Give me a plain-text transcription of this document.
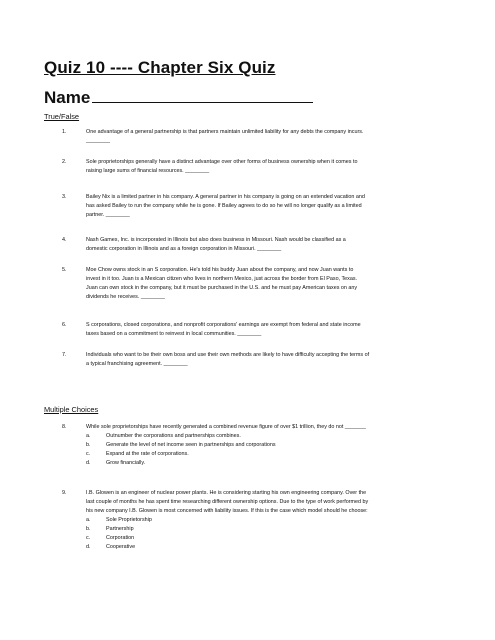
Quiz 10 ---- Chapter Six Quiz
Name
True/False
1.	One advantage of a general partnership is that partners maintain unlimited liability for any debts the company incurs.
________
2.	Sole proprietorships generally have a distinct advantage over other forms of business ownership when it comes to
raising large sums of financial resources. ________
3.	Bailey Nix is a limited partner in his company. A general partner in his company is going on an extended vacation and
has asked Bailey to run the company while he is gone. If Bailey agrees to do so he will no longer qualify as a limited
partner. ________
4.	Nash Games, Inc. is incorporated in Illinois but also does business in Missouri. Nash would be classified as a
domestic corporation in Illinois and as a foreign corporation in Missouri. ________
5.	Moe Chow owns stock in an S corporation. He's told his buddy Juan about the company, and now Juan wants to
invest in it too. Juan is a Mexican citizen who lives in northern Mexico, just across the border from El Paso, Texas.
Juan can own stock in the company, but it must be purchased in the U.S. and he must pay American taxes on any
dividends he receives. ________
6.	S corporations, closed corporations, and nonprofit corporations' earnings are exempt from federal and state income
taxes based on a commitment to reinvest in local communities. ________
7.	Individuals who want to be their own boss and use their own methods are likely to have difficulty accepting the terms of
a typical franchising agreement. ________
Multiple Choices
8.	While sole proprietorships have recently generated a combined revenue figure of over $1 trillion, they do not _______
a.	Outnumber the corporations and partnerships combines.
b.	Generate the level of net income seen in partnerships and corporations
c.	Expand at the rate of corporations.
d.	Grow financially.
9.	I.B. Glowen is an engineer of nuclear power plants. He is considering starting his own engineering company. Over the
last couple of months he has spent time researching different ownership options. Due to the type of work performed by
his new company I.B. Glowen is most concerned with liability issues. If this is the case which model should he choose:
a.	Sole Proprietorship
b.	Partnership
c.	Corporation
d.	Cooperative
